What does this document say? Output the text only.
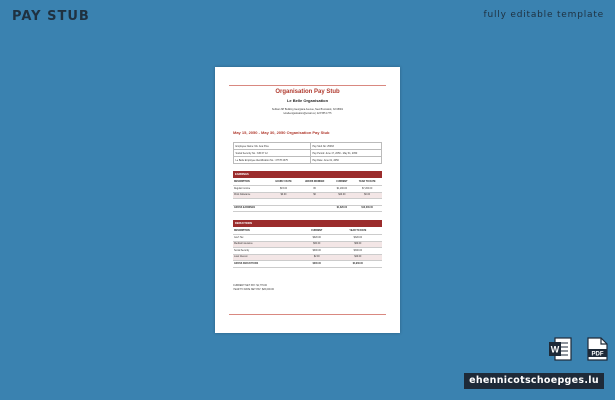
PAY STUB	fully editable template
Organisation Pay Stub
Le Belle Organisation
Sullivan NP Building Georgiana Avenue, New Brunswick, NJ 08901
lebelleorganisation@email.us | 223 555 1775
May 15, 2050 - May 30, 2050 Organisation Pay Stub
Employee Name: Ms. Ana Pina	Pay Stub No: 25063
Social Security No.: 345 67 12	Pay Period: June 17, 2050 - May 31, 2050
Le Belle Employee Identification No.: 47778 4375	Pay Date: June 01, 2050
EARNINGS
DESCRIPTION	HOURLY RATE	HOURS WORKED	CURRENT	YEAR TO DATE
Regular Income	$15.00	80	$1,200.00	$7,200.00
Work Allowance	$0.00	$0	$20.00	$0.00

GROSS EARNINGS			$1,820.00	$10,000.00
DEDUCTIONS
DESCRIPTION	CURRENT	YEAR TO DATE
Gov't Tax	$320.00	$320.00
Medical Insurance	$60.00	$60.00
Social Security	$300.00	$300.00
Loan Interest	$2.00	$20.00
GROSS DEDUCTIONS	$300.00	$4,960.00
CURRENT NET PAY: $1,776.00
YEAR TO DATE NET PAY: $26,000.00
W	PDF
ehennicotschoepges.lu
